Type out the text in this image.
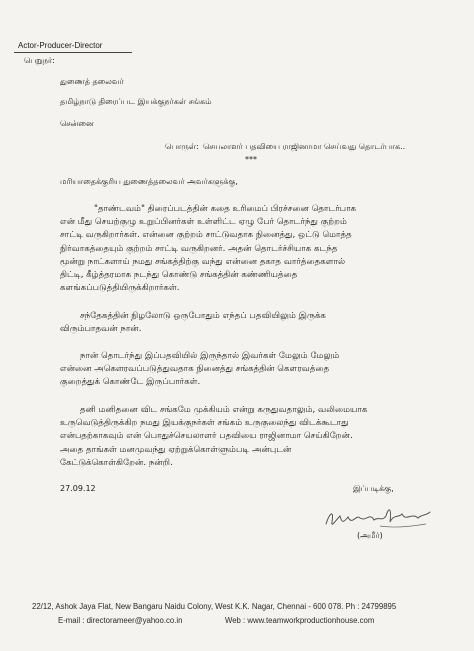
Actor-Producer-Director
பெறுநர்:
துணைத் தலைவர்
தமிழ்நாடு திரைப்பட இயக்குநர்கள் சங்கம்
சென்னை
பொருள்: செயலாளர் பதவியை ராஜினாமா செய்வது தொடர்பாக..
***
மரியாதைக்குரிய துணைத்தலைவர் அவர்களுக்கு,
"தாண்டவம்" திரைப்படத்தின் கதை உரிமைப் பிரச்சனை தொடர்பாக
என் மீது செயற்குழு உறுப்பினர்கள் உள்ளிட்ட ஏழு பேர் தொடர்ந்து குற்றம்
சாட்டி வருகிறார்கள். என்னை குற்றம் சாட்டுவதாக நினைத்து, ஒட்டு மொத்த
நிர்வாகத்தையும் குற்றம் சாட்டி வருகிறனர். அதன் தொடர்ச்சியாக கடந்த
மூன்று நாட்களாய் நமது சங்கத்திற்கு வந்து என்னை தகாத வார்த்தைகளால்
திட்டி, கீழ்த்தரமாக நடந்து கொண்டு சங்கத்தின் கண்ணியத்தை
களங்கப்படுத்தியிருக்கிறார்கள்.
சந்தேகத்தின் நிழலோடு ஒருபோதும் எந்தப் பதவியிலும் இருக்க
விரும்பாதவன் நான்.
நான் தொடர்ந்து இப்பதவியில் இருந்தால் இவர்கள் மேலும் மேலும்
என்னை அகௌரவப்படுத்துவதாக நினைத்து சங்கத்தின் கௌரவத்தை
குறைத்துக் கொண்டே இருப்பார்கள்.
தனி மனிதனை விட சங்கமே முக்கியம் என்று கருதுவதாலும், வலிமையாக
உருவெடுத்திருக்கிற நமது இயக்குநர்கள் சங்கம் உருகுலைந்து விடக்கூடாது
என்பதற்காகவும் என் பொதுச்செயலாளர் பதவியை ராஜினாமா செய்கிறேன்.
அதை தாங்கள் மனமுவந்து ஏற்றுக்கொள்ளும்படி அன்புடன்
கேட்டுக்கொள்கிறேன். நன்றி.
27.09.12	இப்படிக்கு,
(அமீர்)
22/12, Ashok Jaya Flat, New Bangaru Naidu Colony, West K.K. Nagar, Chennai - 600 078. Ph : 24799895
E-mail : directorameer@yahoo.co.in	Web : www.teamworkproductionhouse.com
